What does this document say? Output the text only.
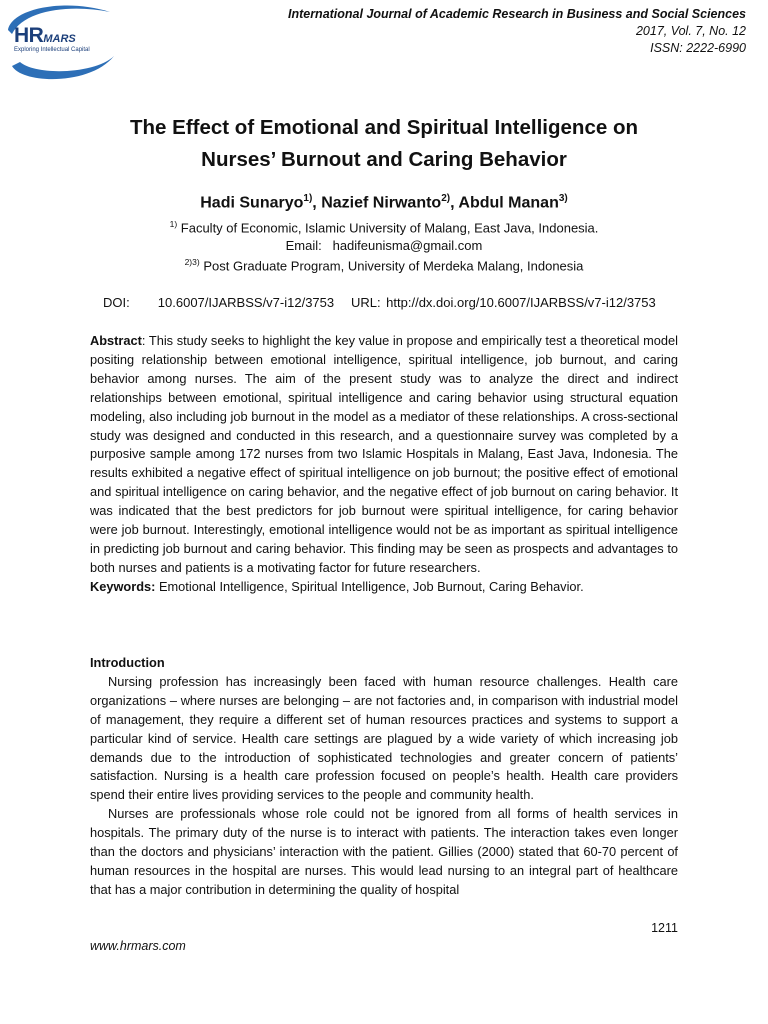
HRMARS
Exploring Intellectual Capital
International Journal of Academic Research in Business and Social Sciences
2017, Vol. 7, No. 12
ISSN: 2222-6990
The Effect of Emotional and Spiritual Intelligence on
Nurses’ Burnout and Caring Behavior
Hadi Sunaryo$^{1)}$, Nazief Nirwanto$^{2)}$, Abdul Manan$^{3)}$
$^{1)}$ Faculty of Economic, Islamic University of Malang, East Java, Indonesia.
Email:   hadifeunisma@gmail.com
$^{2)3)}$ Post Graduate Program, University of Merdeka Malang, Indonesia
DOI:     10.6007/IJARBSS/v7-i12/3753   URL: http://dx.doi.org/10.6007/IJARBSS/v7-i12/3753

Abstract: This study seeks to highlight the key value in propose and empirically test a theoretical model positing relationship between emotional intelligence, spiritual intelligence, job burnout, and caring behavior among nurses. The aim of the present study was to analyze the direct and indirect relationships between emotional, spiritual intelligence and caring behavior using structural equation modeling, also including job burnout in the model as a mediator of these relationships. A cross-sectional study was designed and conducted in this research, and a questionnaire survey was completed by a purposive sample among 172 nurses from two Islamic Hospitals in Malang, East Java, Indonesia. The results exhibited a negative effect of spiritual intelligence on job burnout; the positive effect of emotional and spiritual intelligence on caring behavior, and the negative effect of job burnout on caring behavior. It was indicated that the best predictors for job burnout were spiritual intelligence, for caring behavior were job burnout. Interestingly, emotional intelligence would not be as important as spiritual intelligence in predicting job burnout and caring behavior. This finding may be seen as prospects and advantages to both nurses and patients is a motivating factor for future researchers.

Keywords: Emotional Intelligence, Spiritual Intelligence, Job Burnout, Caring Behavior.

Introduction

Nursing profession has increasingly been faced with human resource challenges. Health care organizations – where nurses are belonging – are not factories and, in comparison with industrial model of management, they require a different set of human resources practices and systems to support a particular kind of service. Health care settings are plagued by a wide variety of which increasing job demands due to the introduction of sophisticated technologies and greater concern of patients’ satisfaction. Nursing is a health care profession focused on people’s health. Health care providers spend their entire lives providing services to the people and community health.

Nurses are professionals whose role could not be ignored from all forms of health services in hospitals. The primary duty of the nurse is to interact with patients. The interaction takes even longer than the doctors and physicians’ interaction with the patient. Gillies (2000) stated that 60-70 percent of human resources in the hospital are nurses. This would lead nursing to an integral part of healthcare that has a major contribution in determining the quality of hospital

1211
www.hrmars.com
